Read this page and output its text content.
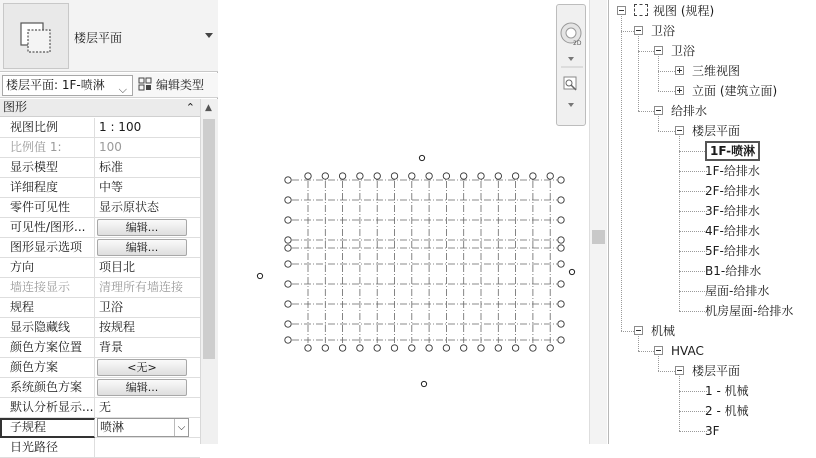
楼层平面
楼层平面: 1F-喷淋 ⌵	编辑类型
图形	⌃
视图比例	1 : 100
比例值 1:	100
显示模型	标准
详细程度	中等
零件可见性	显示原状态
可见性/图形...	编辑...
图形显示选项	编辑...
方向	项目北
墙连接显示	清理所有墙连接
规程	卫浴
显示隐藏线	按规程
颜色方案位置	背景
颜色方案	<无>
系统颜色方案	编辑...
默认分析显示... 无
子规程	喷淋	⌵
日光路径
▲
2D
视图 (规程)
卫浴
卫浴
三维视图
立面 (建筑立面)
给排水
楼层平面
1F-喷淋
1F-给排水
2F-给排水
3F-给排水
4F-给排水
5F-给排水
B1-给排水
屋面-给排水
机房屋面-给排水
机械
HVAC
楼层平面
1 - 机械
2 - 机械
3F
